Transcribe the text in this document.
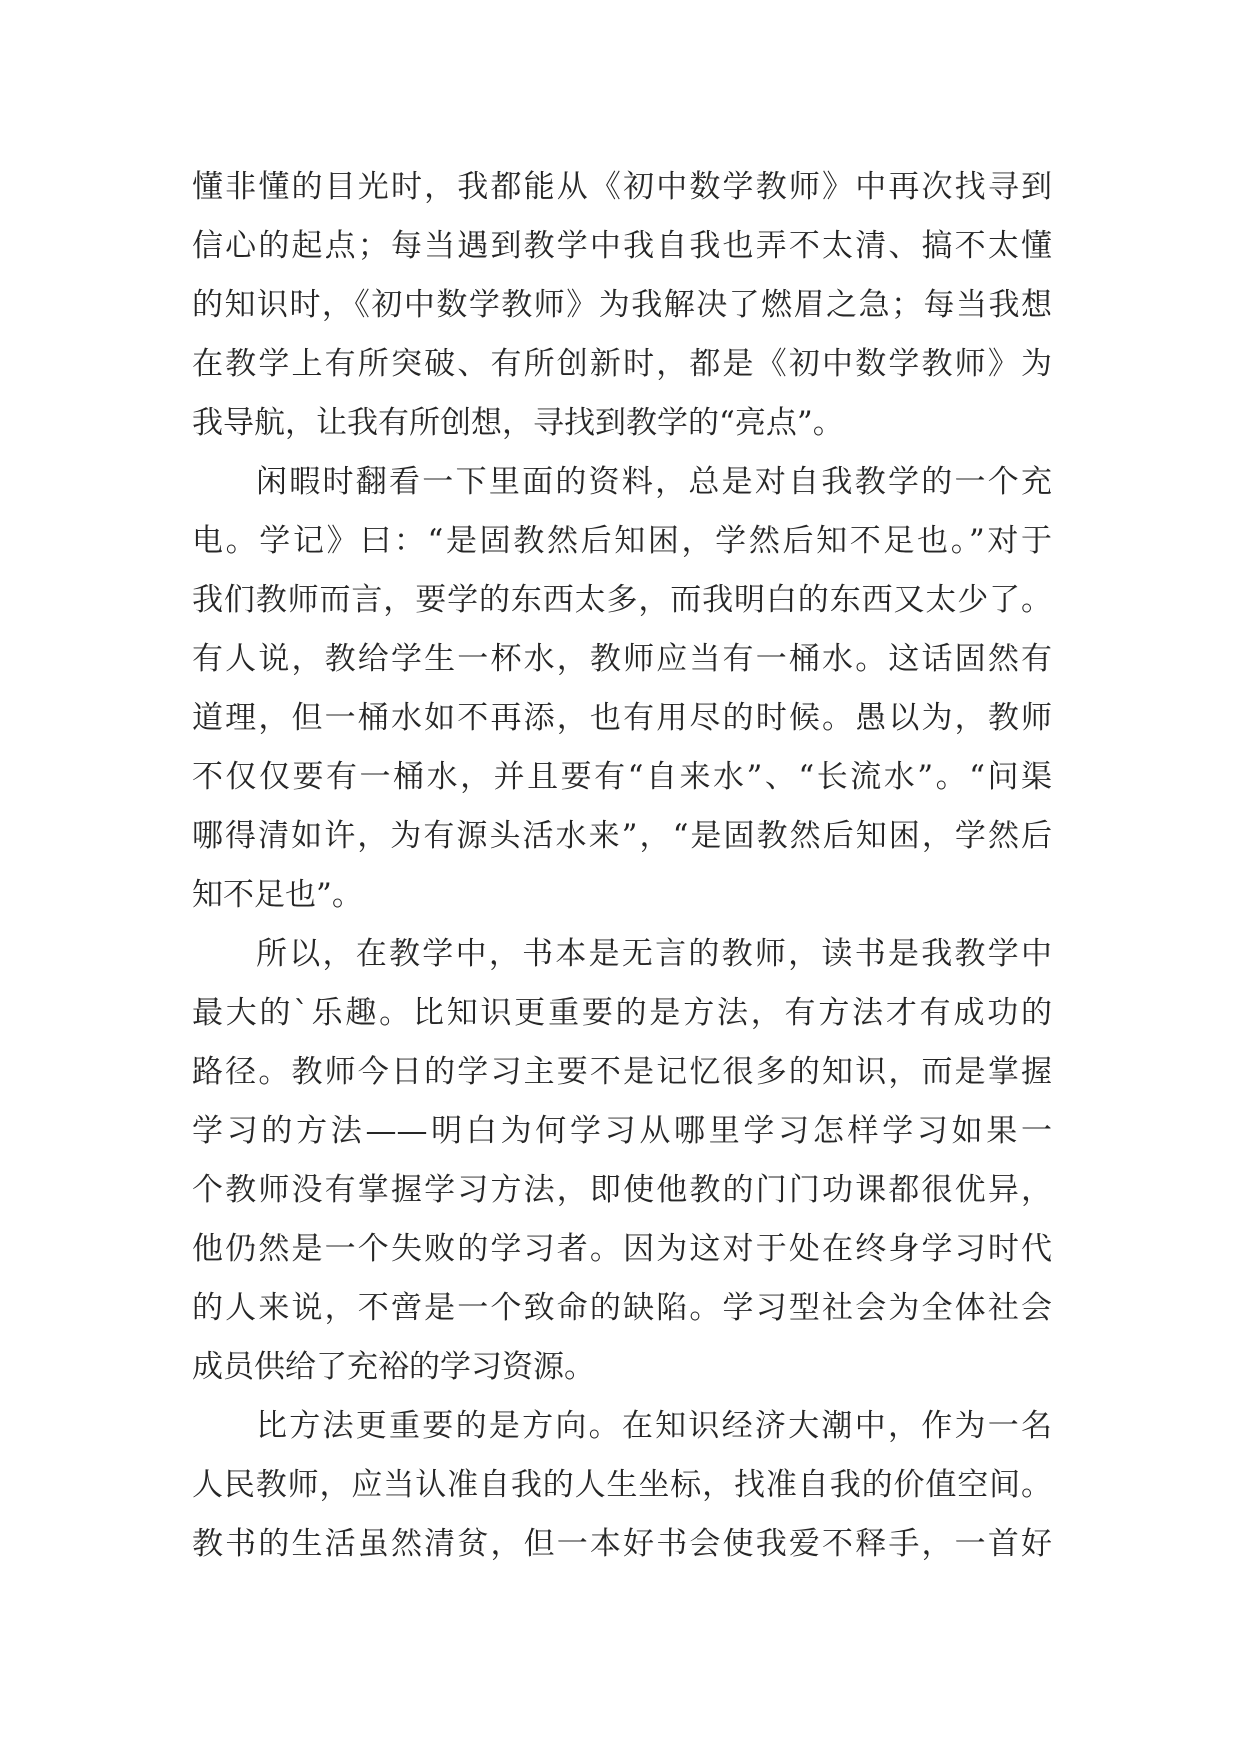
懂非懂的目光时，我都能从《初中数学教师》中再次找寻到
信心的起点；每当遇到教学中我自我也弄不太清、搞不太懂
的知识时，《初中数学教师》为我解决了燃眉之急；每当我想
在教学上有所突破、有所创新时，都是《初中数学教师》为
我导航，让我有所创想，寻找到教学的“亮点”。
闲暇时翻看一下里面的资料，总是对自我教学的一个充
电。学记》曰：“是固教然后知困，学然后知不足也。”对于
我们教师而言，要学的东西太多，而我明白的东西又太少了。
有人说，教给学生一杯水，教师应当有一桶水。这话固然有
道理，但一桶水如不再添，也有用尽的时候。愚以为，教师
不仅仅要有一桶水，并且要有“自来水”、“长流水”。“问渠
哪得清如许，为有源头活水来”，“是固教然后知困，学然后
知不足也”。
所以，在教学中，书本是无言的教师，读书是我教学中
最大的`乐趣。比知识更重要的是方法，有方法才有成功的
路径。教师今日的学习主要不是记忆很多的知识，而是掌握
学习的方法——明白为何学习从哪里学习怎样学习如果一
个教师没有掌握学习方法，即使他教的门门功课都很优异，
他仍然是一个失败的学习者。因为这对于处在终身学习时代
的人来说，不啻是一个致命的缺陷。学习型社会为全体社会
成员供给了充裕的学习资源。
比方法更重要的是方向。在知识经济大潮中，作为一名
人民教师，应当认准自我的人生坐标，找准自我的价值空间。
教书的生活虽然清贫，但一本好书会使我爱不释手，一首好
